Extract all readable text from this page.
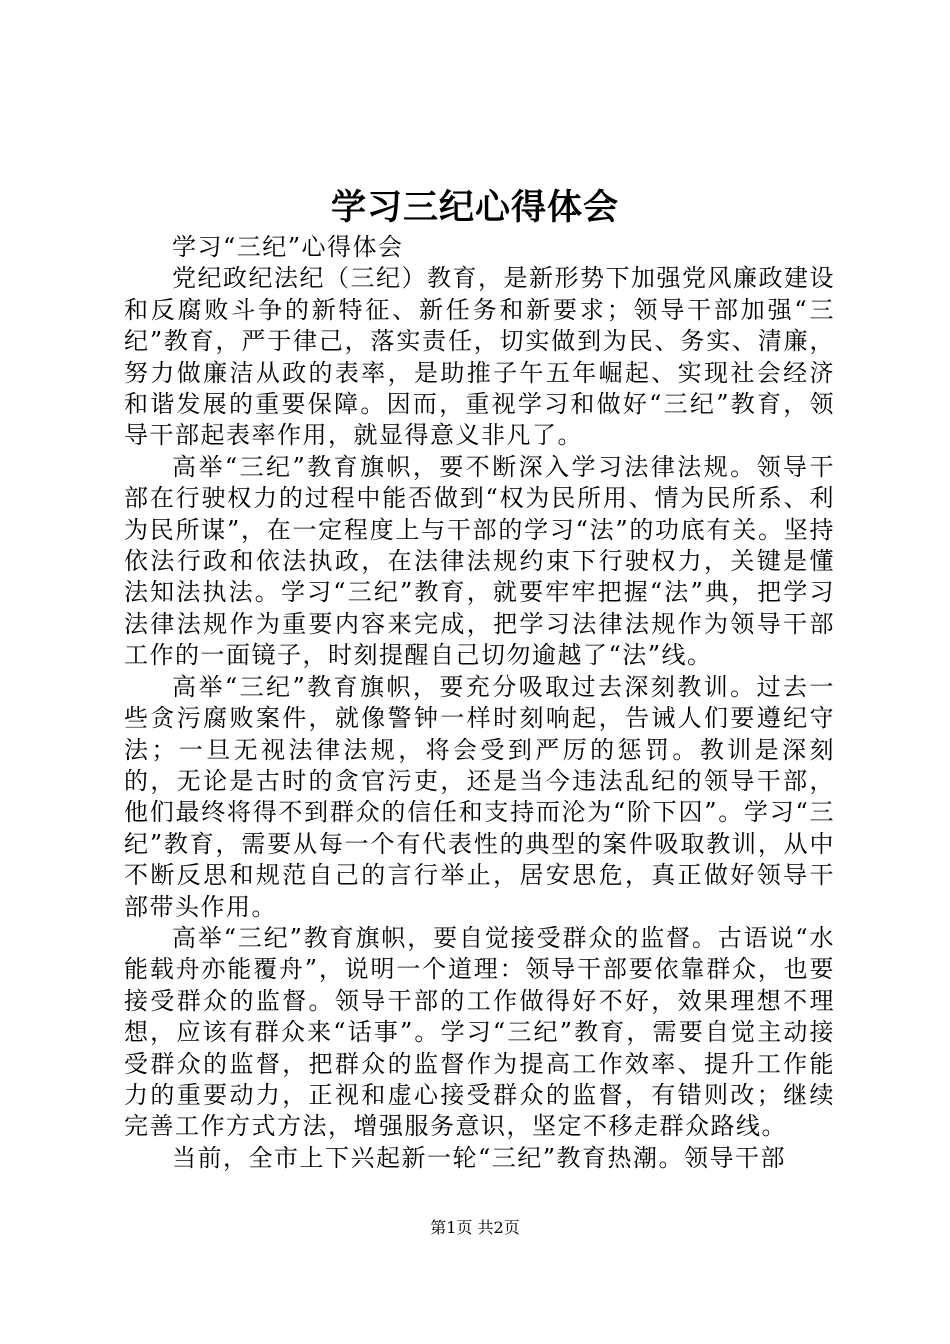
学习三纪心得体会

学习“三纪”心得体会

党纪政纪法纪（三纪）教育，是新形势下加强党风廉政建设和反腐败斗争的新特征、新任务和新要求；领导干部加强“三纪”教育，严于律己，落实责任，切实做到为民、务实、清廉，努力做廉洁从政的表率，是助推子午五年崛起、实现社会经济和谐发展的重要保障。因而，重视学习和做好“三纪”教育，领导干部起表率作用，就显得意义非凡了。

高举“三纪”教育旗帜，要不断深入学习法律法规。领导干部在行驶权力的过程中能否做到“权为民所用、情为民所系、利为民所谋”，在一定程度上与干部的学习“法”的功底有关。坚持依法行政和依法执政，在法律法规约束下行驶权力，关键是懂法知法执法。学习“三纪”教育，就要牢牢把握“法”典，把学习法律法规作为重要内容来完成，把学习法律法规作为领导干部工作的一面镜子，时刻提醒自己切勿逾越了“法”线。

高举“三纪”教育旗帜，要充分吸取过去深刻教训。过去一些贪污腐败案件，就像警钟一样时刻响起，告诫人们要遵纪守法；一旦无视法律法规，将会受到严厉的惩罚。教训是深刻的，无论是古时的贪官污吏，还是当今违法乱纪的领导干部，他们最终将得不到群众的信任和支持而沦为“阶下囚”。学习“三纪”教育，需要从每一个有代表性的典型的案件吸取教训，从中不断反思和规范自己的言行举止，居安思危，真正做好领导干部带头作用。

高举“三纪”教育旗帜，要自觉接受群众的监督。古语说“水能载舟亦能覆舟”，说明一个道理：领导干部要依靠群众，也要接受群众的监督。领导干部的工作做得好不好，效果理想不理想，应该有群众来“话事”。学习“三纪”教育，需要自觉主动接受群众的监督，把群众的监督作为提高工作效率、提升工作能力的重要动力，正视和虚心接受群众的监督，有错则改；继续完善工作方式方法，增强服务意识，坚定不移走群众路线。

当前，全市上下兴起新一轮“三纪”教育热潮。领导干部

第1页 共2页
